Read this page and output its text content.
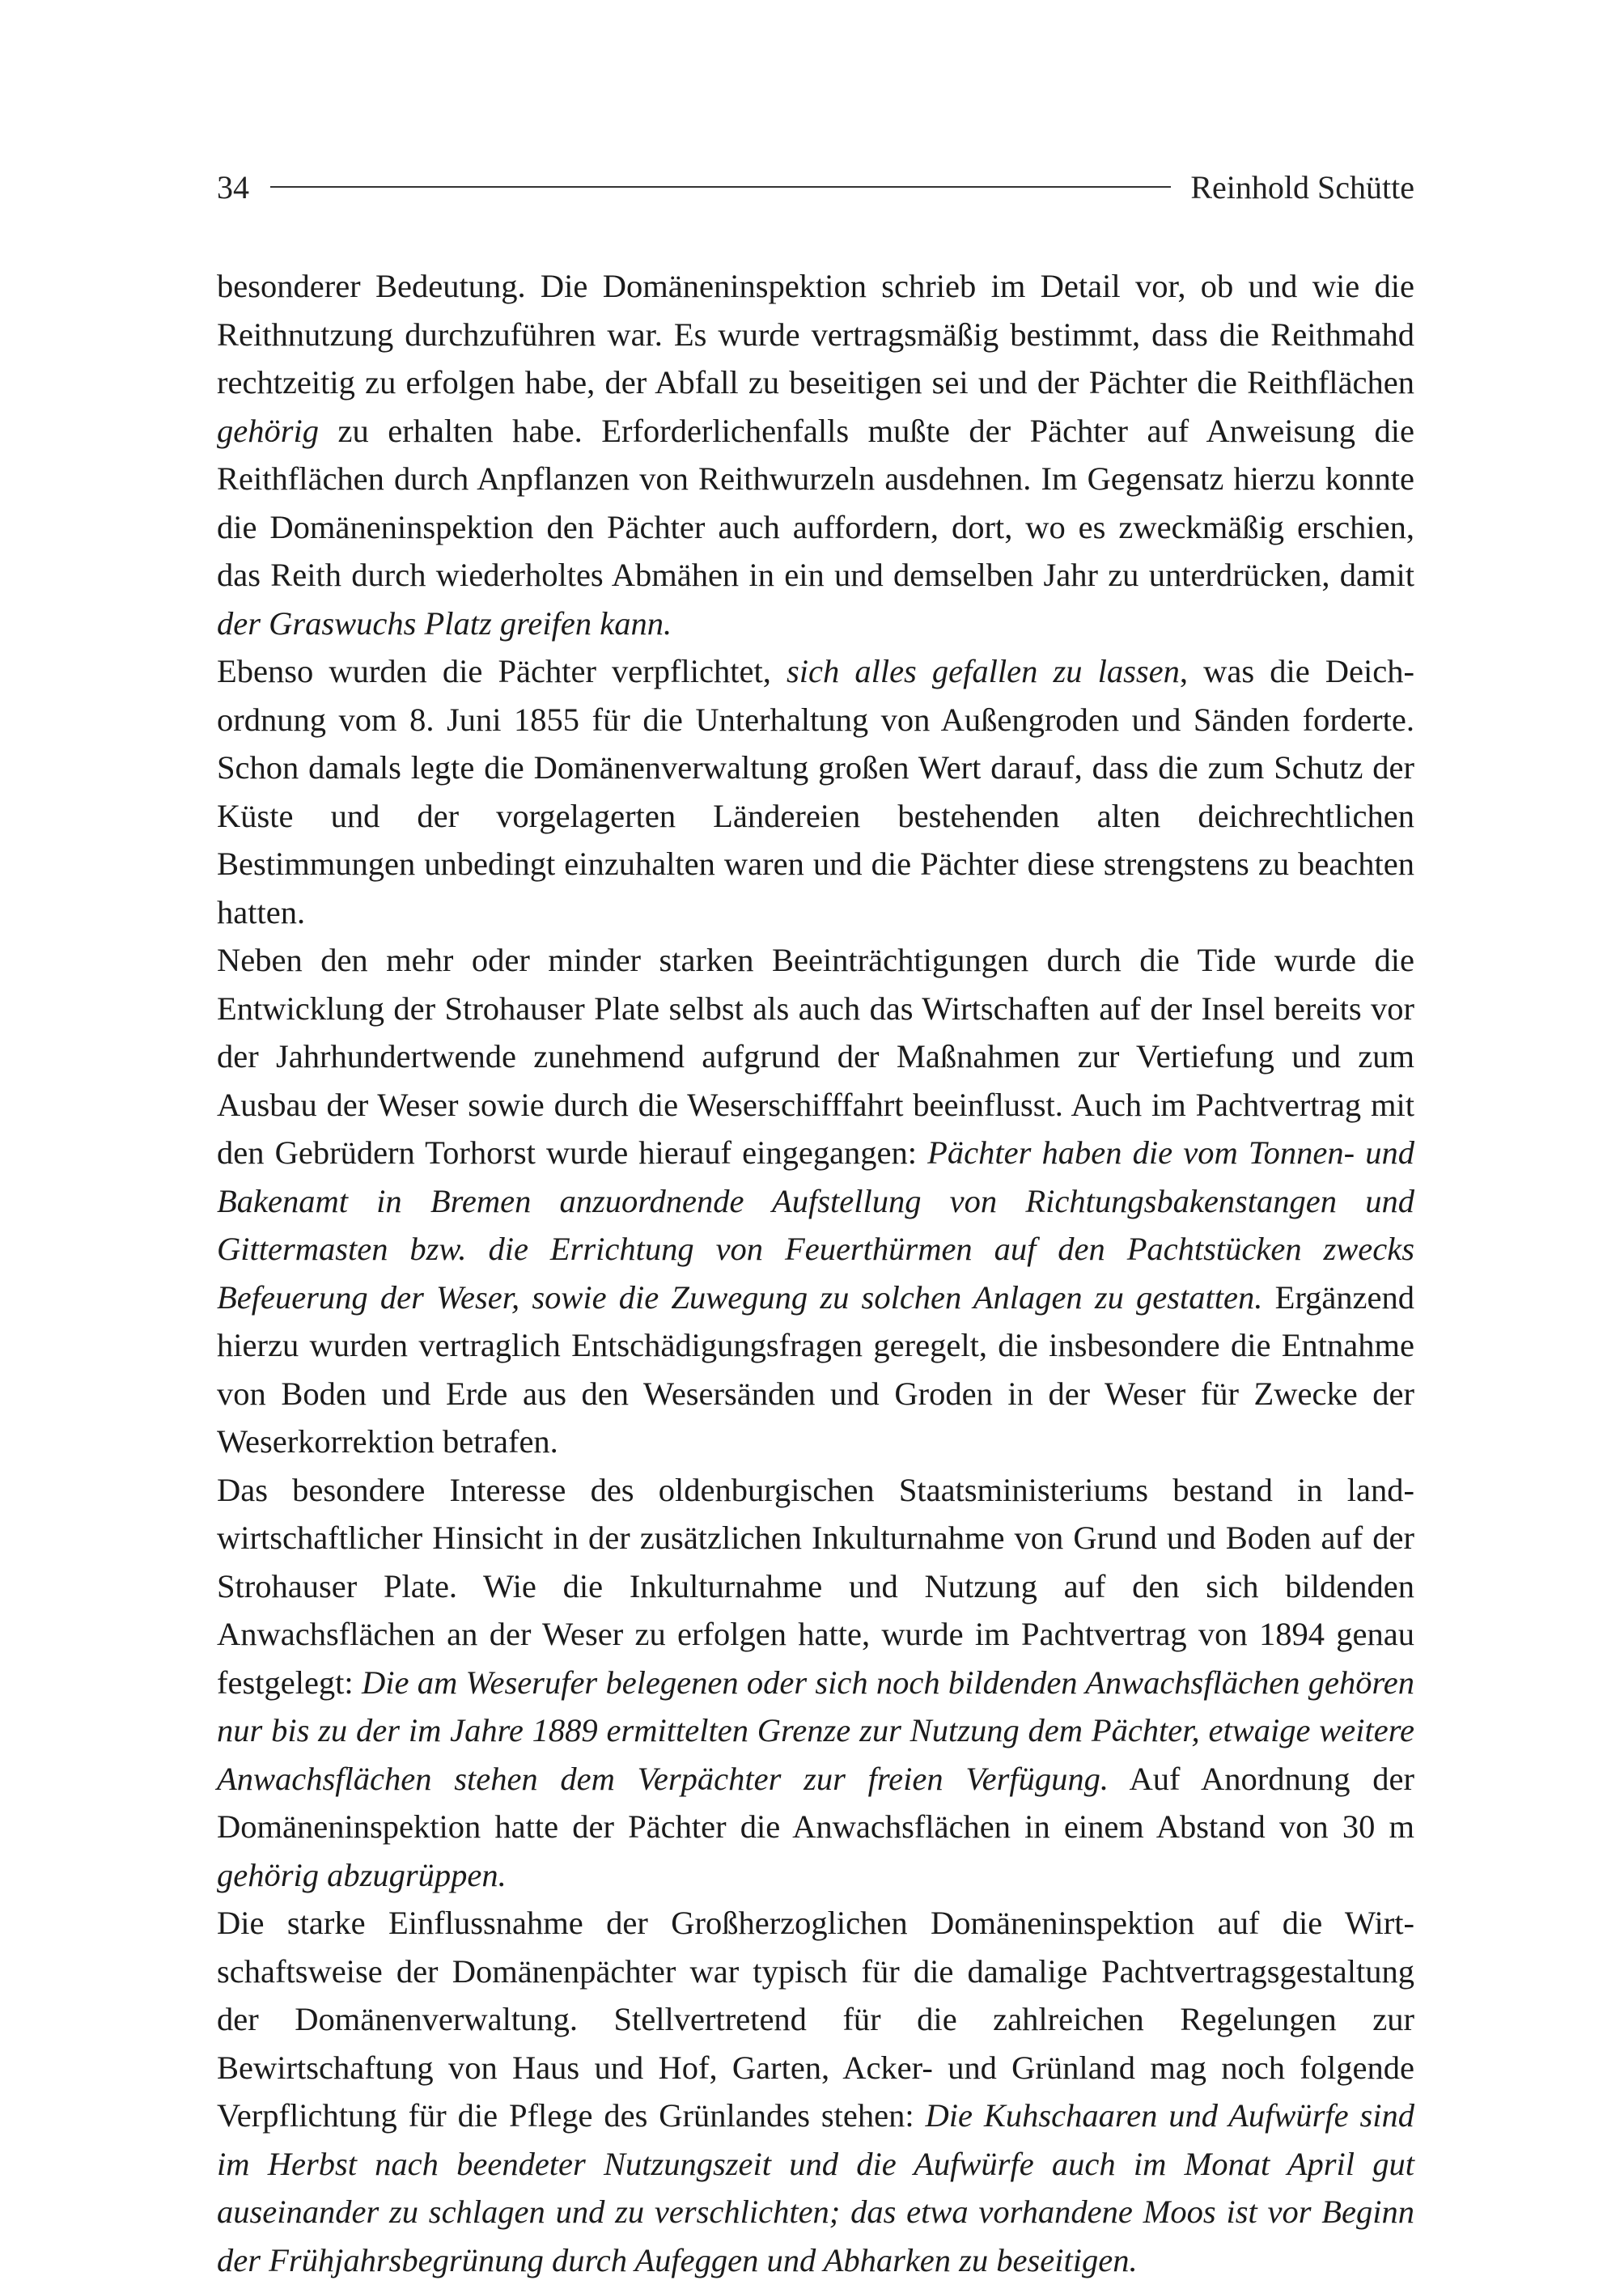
34	Reinhold Schütte

besonderer Bedeutung. Die Domäneninspektion schrieb im Detail vor, ob und wie die Reithnutzung durchzuführen war. Es wurde vertragsmäßig bestimmt, dass die Reithmahd rechtzeitig zu erfolgen habe, der Abfall zu beseitigen sei und der Pächter die Reithflächen gehörig zu erhalten habe. Erforderlichenfalls mußte der Pächter auf Anweisung die Reithflächen durch Anpflanzen von Reithwurzeln ausdehnen. Im Gegensatz hierzu konnte die Domäneninspektion den Pächter auch auffordern, dort, wo es zweckmäßig erschien, das Reith durch wiederholtes Abmähen in ein und demselben Jahr zu unterdrücken, damit der Graswuchs Platz greifen kann.

Ebenso wurden die Pächter verpflichtet, sich alles gefallen zu lassen, was die Deichordnung vom 8. Juni 1855 für die Unterhaltung von Außengroden und Sänden forderte. Schon damals legte die Domänenverwaltung großen Wert darauf, dass die zum Schutz der Küste und der vorgelagerten Ländereien bestehenden alten deichrechtlichen Bestimmungen unbedingt einzuhalten waren und die Pächter diese strengstens zu beachten hatten.

Neben den mehr oder minder starken Beeinträchtigungen durch die Tide wurde die Entwicklung der Strohauser Plate selbst als auch das Wirtschaften auf der Insel bereits vor der Jahrhundertwende zunehmend aufgrund der Maßnahmen zur Vertiefung und zum Ausbau der Weser sowie durch die Weserschifffahrt beeinflusst. Auch im Pachtvertrag mit den Gebrüdern Torhorst wurde hierauf eingegangen: Pächter haben die vom Tonnen- und Bakenamt in Bremen anzuordnende Aufstellung von Richtungsbakenstangen und Gittermasten bzw. die Errichtung von Feuerthürmen auf den Pachtstücken zwecks Befeuerung der Weser, sowie die Zuwegung zu solchen Anlagen zu gestatten. Ergänzend hierzu wurden vertraglich Entschädigungsfragen geregelt, die insbesondere die Entnahme von Boden und Erde aus den Wesersänden und Groden in der Weser für Zwecke der Weserkorrektion betrafen.

Das besondere Interesse des oldenburgischen Staatsministeriums bestand in landwirtschaftlicher Hinsicht in der zusätzlichen Inkulturnahme von Grund und Boden auf der Strohauser Plate. Wie die Inkulturnahme und Nutzung auf den sich bildenden Anwachsflächen an der Weser zu erfolgen hatte, wurde im Pachtvertrag von 1894 genau festgelegt: Die am Weserufer belegenen oder sich noch bildenden Anwachsflächen gehören nur bis zu der im Jahre 1889 ermittelten Grenze zur Nutzung dem Pächter, etwaige weitere Anwachsflächen stehen dem Verpächter zur freien Verfügung. Auf Anordnung der Domäneninspektion hatte der Pächter die Anwachsflächen in einem Abstand von 30 m gehörig abzugrüppen.

Die starke Einflussnahme der Großherzoglichen Domäneninspektion auf die Wirtschaftsweise der Domänenpächter war typisch für die damalige Pachtvertragsgestaltung der Domänenverwaltung. Stellvertretend für die zahlreichen Regelungen zur Bewirtschaftung von Haus und Hof, Garten, Acker- und Grünland mag noch folgende Verpflichtung für die Pflege des Grünlandes stehen: Die Kuhschaaren und Aufwürfe sind im Herbst nach beendeter Nutzungszeit und die Aufwürfe auch im Monat April gut auseinander zu schlagen und zu verschlichten; das etwa vorhandene Moos ist vor Beginn der Frühjahrsbegrünung durch Aufeggen und Abharken zu beseitigen.
